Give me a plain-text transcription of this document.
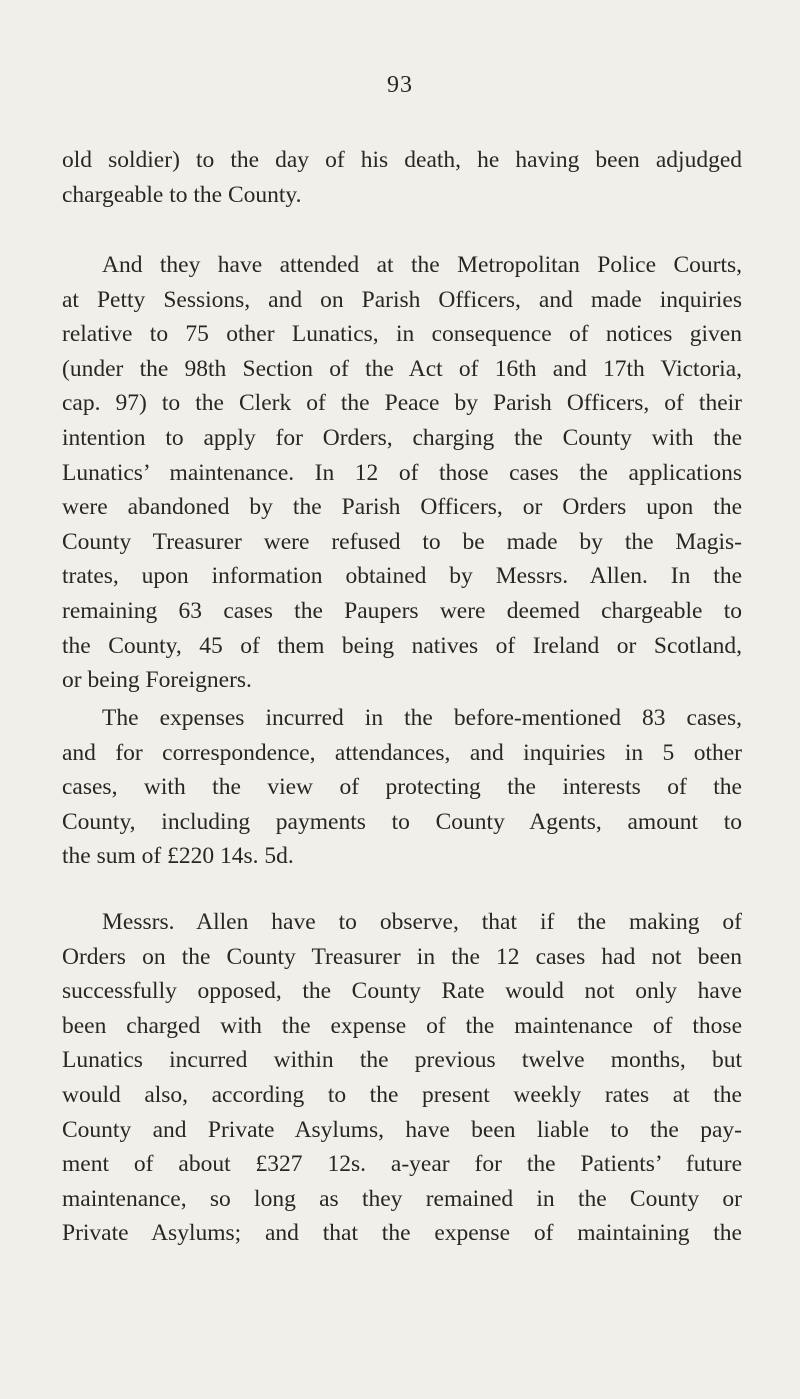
93
old soldier) to the day of his death, he having been adjudged
chargeable to the County.
And they have attended at the Metropolitan Police Courts,
at Petty Sessions, and on Parish Officers, and made inquiries
relative to 75 other Lunatics, in consequence of notices given
(under the 98th Section of the Act of 16th and 17th Victoria,
cap. 97) to the Clerk of the Peace by Parish Officers, of their
intention to apply for Orders, charging the County with the
Lunatics’ maintenance. In 12 of those cases the applications
were abandoned by the Parish Officers, or Orders upon the
County Treasurer were refused to be made by the Magis-
trates, upon information obtained by Messrs. Allen. In the
remaining 63 cases the Paupers were deemed chargeable to
the County, 45 of them being natives of Ireland or Scotland,
or being Foreigners.
The expenses incurred in the before-mentioned 83 cases,
and for correspondence, attendances, and inquiries in 5 other
cases, with the view of protecting the interests of the
County, including payments to County Agents, amount to
the sum of £220 14s. 5d.
Messrs. Allen have to observe, that if the making of
Orders on the County Treasurer in the 12 cases had not been
successfully opposed, the County Rate would not only have
been charged with the expense of the maintenance of those
Lunatics incurred within the previous twelve months, but
would also, according to the present weekly rates at the
County and Private Asylums, have been liable to the pay-
ment of about £327 12s. a-year for the Patients’ future
maintenance, so long as they remained in the County or
Private Asylums; and that the expense of maintaining the
